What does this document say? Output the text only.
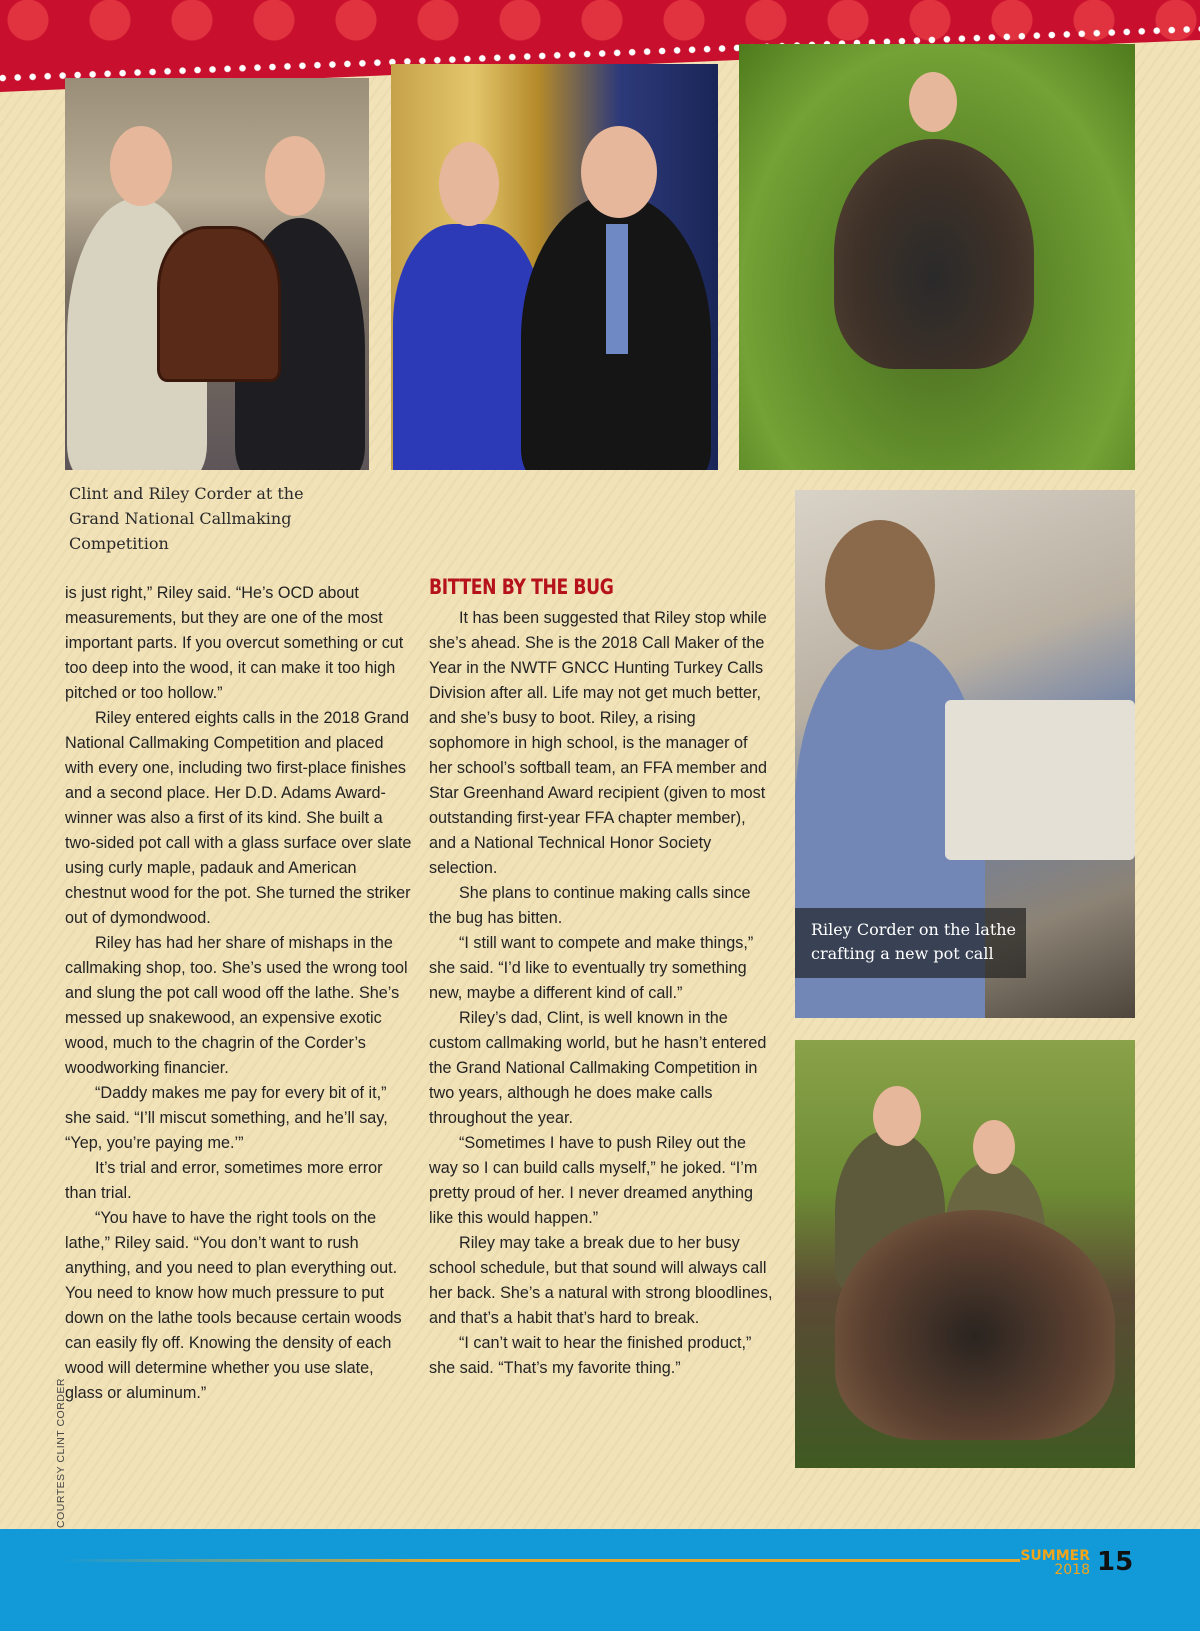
Clint and Riley Corder at the Grand National Callmaking Competition
Riley Corder on the lathe crafting a new pot call

is just right,” Riley said. “He’s OCD about measurements, but they are one of the most important parts. If you overcut something or cut too deep into the wood, it can make it too high pitched or too hollow.”

Riley entered eights calls in the 2018 Grand National Callmaking Competition and placed with every one, including two first-place finishes and a second place. Her D.D. Adams Award-winner was also a first of its kind. She built a two-sided pot call with a glass surface over slate using curly maple, padauk and American chestnut wood for the pot. She turned the striker out of dymondwood.

Riley has had her share of mishaps in the callmaking shop, too. She’s used the wrong tool and slung the pot call wood off the lathe. She’s messed up snakewood, an expensive exotic wood, much to the chagrin of the Corder’s woodworking financier.

“Daddy makes me pay for every bit of it,” she said. “I’ll miscut something, and he’ll say, “Yep, you’re paying me.’”

It’s trial and error, sometimes more error than trial.

“You have to have the right tools on the lathe,” Riley said. “You don’t want to rush anything, and you need to plan everything out. You need to know how much pressure to put down on the lathe tools because certain woods can easily fly off. Knowing the density of each wood will determine whether you use slate, glass or aluminum.”

BITTEN BY THE BUG

It has been suggested that Riley stop while she’s ahead. She is the 2018 Call Maker of the Year in the NWTF GNCC Hunting Turkey Calls Division after all. Life may not get much better, and she’s busy to boot. Riley, a rising sophomore in high school, is the manager of her school’s softball team, an FFA member and Star Greenhand Award recipient (given to most outstanding first-year FFA chapter member), and a National Technical Honor Society selection.

She plans to continue making calls since the bug has bitten.

“I still want to compete and make things,” she said. “I’d like to eventually try something new, maybe a different kind of call.”

Riley’s dad, Clint, is well known in the custom callmaking world, but he hasn’t entered the Grand National Callmaking Competition in two years, although he does make calls throughout the year.

“Sometimes I have to push Riley out the way so I can build calls myself,” he joked. “I’m pretty proud of her. I never dreamed anything like this would happen.”

Riley may take a break due to her busy school schedule, but that sound will always call her back. She’s a natural with strong bloodlines, and that’s a habit that’s hard to break.

“I can’t wait to hear the finished product,” she said. “That’s my favorite thing.”

COURTESY CLINT CORDER
SUMMER
2018 15
